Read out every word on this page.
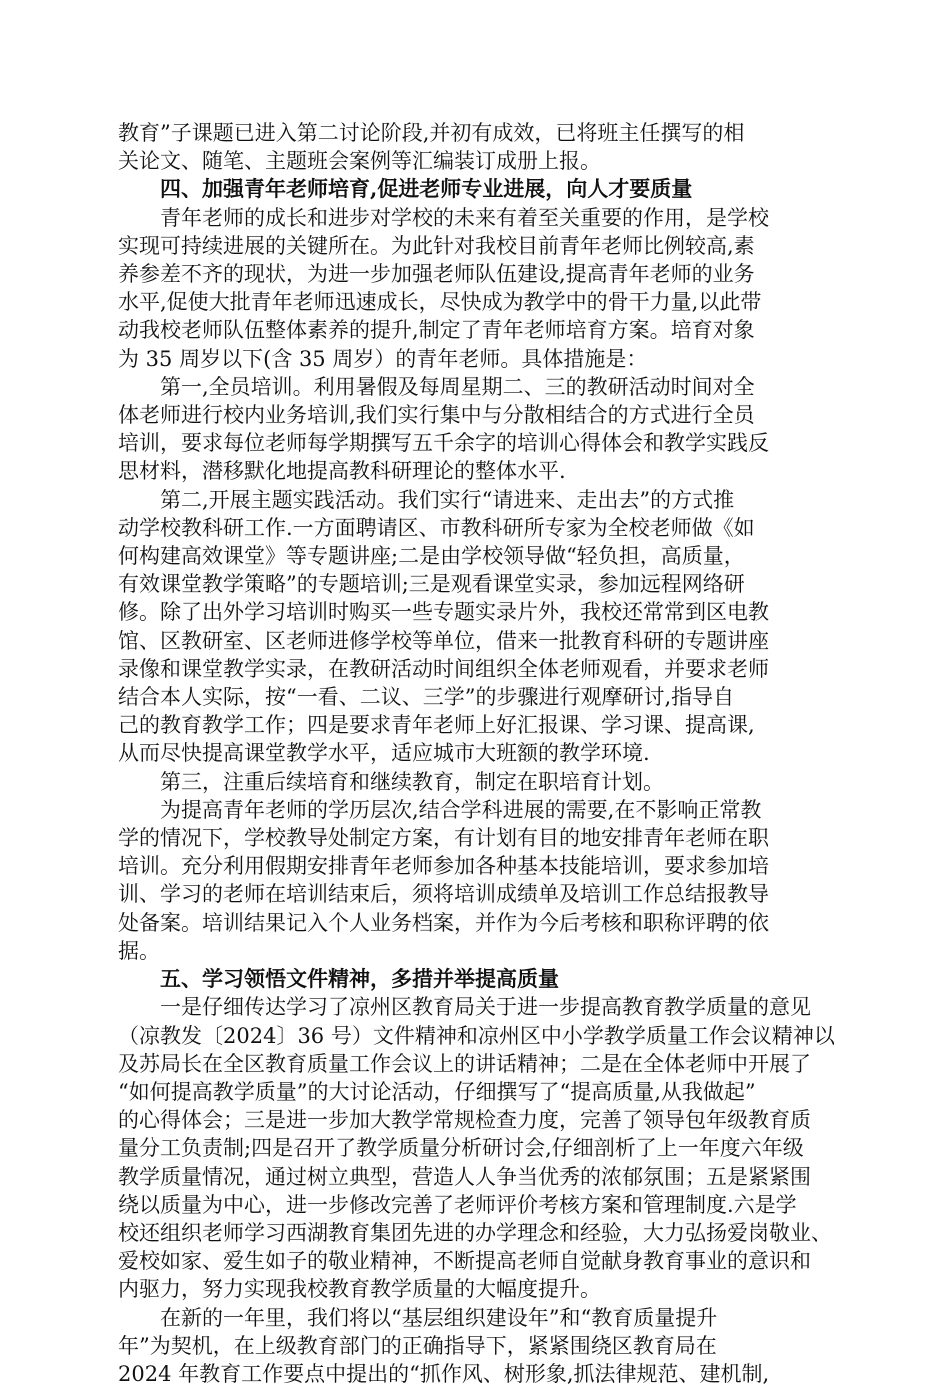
教育”子课题已进入第二讨论阶段,并初有成效，已将班主任撰写的相
关论文、随笔、主题班会案例等汇编装订成册上报。
四、加强青年老师培育,促进老师专业进展，向人才要质量
青年老师的成长和进步对学校的未来有着至关重要的作用，是学校
实现可持续进展的关键所在。为此针对我校目前青年老师比例较高,素
养参差不齐的现状，为进一步加强老师队伍建设,提高青年老师的业务
水平,促使大批青年老师迅速成长，尽快成为教学中的骨干力量,以此带
动我校老师队伍整体素养的提升,制定了青年老师培育方案。培育对象
为 35 周岁以下(含 35 周岁）的青年老师。具体措施是：
第一,全员培训。利用暑假及每周星期二、三的教研活动时间对全
体老师进行校内业务培训,我们实行集中与分散相结合的方式进行全员
培训，要求每位老师每学期撰写五千余字的培训心得体会和教学实践反
思材料，潜移默化地提高教科研理论的整体水平.
第二,开展主题实践活动。我们实行“请进来、走出去”的方式推
动学校教科研工作.一方面聘请区、市教科研所专家为全校老师做《如
何构建高效课堂》等专题讲座;二是由学校领导做“轻负担，高质量，
有效课堂教学策略”的专题培训;三是观看课堂实录，参加远程网络研
修。除了出外学习培训时购买一些专题实录片外，我校还常常到区电教
馆、区教研室、区老师进修学校等单位，借来一批教育科研的专题讲座
录像和课堂教学实录，在教研活动时间组织全体老师观看，并要求老师
结合本人实际，按“一看、二议、三学”的步骤进行观摩研讨,指导自
己的教育教学工作；四是要求青年老师上好汇报课、学习课、提高课,
从而尽快提高课堂教学水平，适应城市大班额的教学环境.
第三，注重后续培育和继续教育，制定在职培育计划。
为提高青年老师的学历层次,结合学科进展的需要,在不影响正常教
学的情况下，学校教导处制定方案，有计划有目的地安排青年老师在职
培训。充分利用假期安排青年老师参加各种基本技能培训，要求参加培
训、学习的老师在培训结束后，须将培训成绩单及培训工作总结报教导
处备案。培训结果记入个人业务档案，并作为今后考核和职称评聘的依
据。
五、学习领悟文件精神，多措并举提高质量
一是仔细传达学习了凉州区教育局关于进一步提高教育教学质量的意见
（凉教发〔2024〕36 号）文件精神和凉州区中小学教学质量工作会议精神以
及苏局长在全区教育质量工作会议上的讲话精神；二是在全体老师中开展了
“如何提高教学质量”的大讨论活动，仔细撰写了“提高质量,从我做起”
的心得体会；三是进一步加大教学常规检查力度，完善了领导包年级教育质
量分工负责制;四是召开了教学质量分析研讨会,仔细剖析了上一年度六年级
教学质量情况，通过树立典型，营造人人争当优秀的浓郁氛围；五是紧紧围
绕以质量为中心，进一步修改完善了老师评价考核方案和管理制度.六是学
校还组织老师学习西湖教育集团先进的办学理念和经验，大力弘扬爱岗敬业、
爱校如家、爱生如子的敬业精神，不断提高老师自觉献身教育事业的意识和
内驱力，努力实现我校教育教学质量的大幅度提升。
在新的一年里，我们将以“基层组织建设年”和“教育质量提升
年”为契机，在上级教育部门的正确指导下，紧紧围绕区教育局在
2024 年教育工作要点中提出的“抓作风、树形象,抓法律规范、建机制,
